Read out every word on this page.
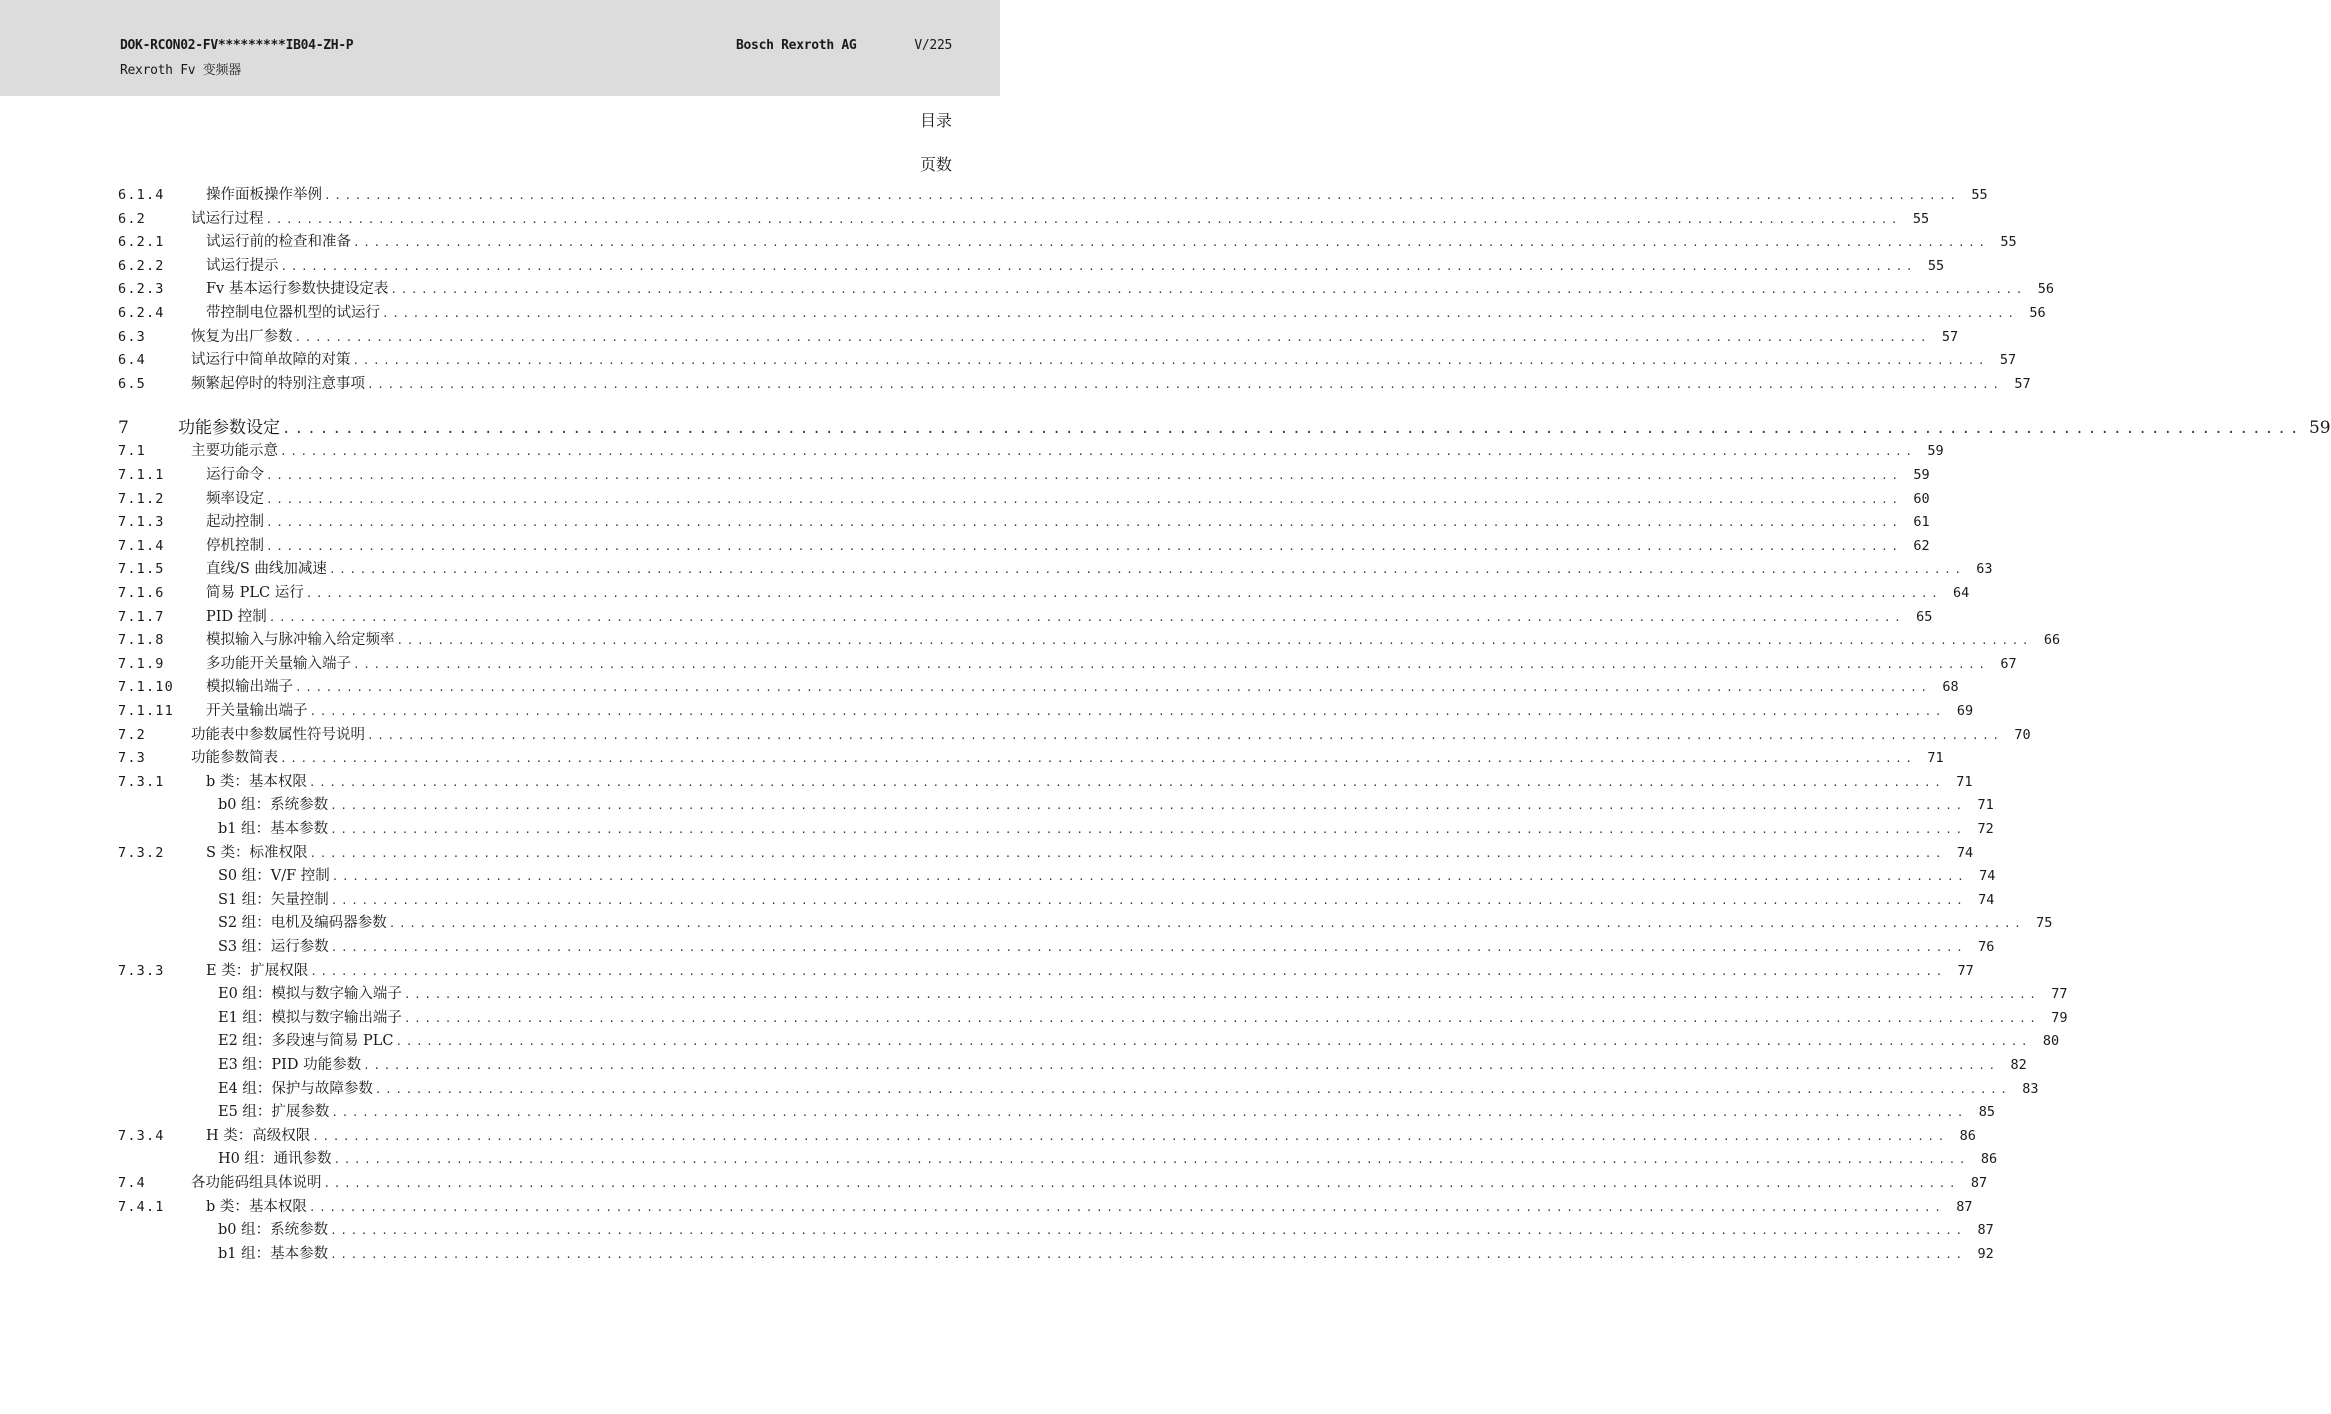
DOK-RCON02-FV*********IB04-ZH-P
Rexroth Fv 变频器
Bosch Rexroth AG	V/225
目录
页数
6.1.4	操作面板操作举例 ................................................................................................................................................................ 55
6.2	试运行过程 ................................................................................................................................................................ 55
6.2.1	试运行前的检查和准备 ................................................................................................................................................................ 55
6.2.2	试运行提示 ................................................................................................................................................................ 55
6.2.3	Fv 基本运行参数快捷设定表 ................................................................................................................................................................ 56
6.2.4	带控制电位器机型的试运行 ................................................................................................................................................................ 56
6.3	恢复为出厂参数 ................................................................................................................................................................ 57
6.4	试运行中简单故障的对策 ................................................................................................................................................................ 57
6.5	频繁起停时的特别注意事项 ................................................................................................................................................................ 57
7	功能参数设定 ................................................................................................................................................................ 59
7.1	主要功能示意 ................................................................................................................................................................ 59
7.1.1	运行命令 ................................................................................................................................................................ 59
7.1.2	频率设定 ................................................................................................................................................................ 60
7.1.3	起动控制 ................................................................................................................................................................ 61
7.1.4	停机控制 ................................................................................................................................................................ 62
7.1.5	直线/S 曲线加减速 ................................................................................................................................................................ 63
7.1.6	简易 PLC 运行 ................................................................................................................................................................ 64
7.1.7	PID 控制 ................................................................................................................................................................ 65
7.1.8	模拟输入与脉冲输入给定频率 ................................................................................................................................................................ 66
7.1.9	多功能开关量输入端子 ................................................................................................................................................................ 67
7.1.10 模拟输出端子 ................................................................................................................................................................ 68
7.1.11 开关量输出端子 ................................................................................................................................................................ 69
7.2	功能表中参数属性符号说明 ................................................................................................................................................................ 70
7.3	功能参数简表 ................................................................................................................................................................ 71
7.3.1	b 类：基本权限 ................................................................................................................................................................ 71
b0 组：系统参数 ................................................................................................................................................................ 71
b1 组：基本参数 ................................................................................................................................................................ 72
7.3.2	S 类：标准权限 ................................................................................................................................................................ 74
S0 组：V/F 控制 ................................................................................................................................................................ 74
S1 组：矢量控制 ................................................................................................................................................................ 74
S2 组：电机及编码器参数 ................................................................................................................................................................ 75
S3 组：运行参数 ................................................................................................................................................................ 76
7.3.3	E 类：扩展权限 ................................................................................................................................................................ 77
E0 组：模拟与数字输入端子 ................................................................................................................................................................ 77
E1 组：模拟与数字输出端子 ................................................................................................................................................................ 79
E2 组：多段速与简易 PLC ................................................................................................................................................................ 80
E3 组：PID 功能参数 ................................................................................................................................................................ 82
E4 组：保护与故障参数 ................................................................................................................................................................ 83
E5 组：扩展参数 ................................................................................................................................................................ 85
7.3.4	H 类：高级权限 ................................................................................................................................................................ 86
H0 组：通讯参数 ................................................................................................................................................................ 86
7.4	各功能码组具体说明 ................................................................................................................................................................ 87
7.4.1	b 类：基本权限 ................................................................................................................................................................ 87
b0 组：系统参数 ................................................................................................................................................................ 87
b1 组：基本参数 ................................................................................................................................................................ 92
